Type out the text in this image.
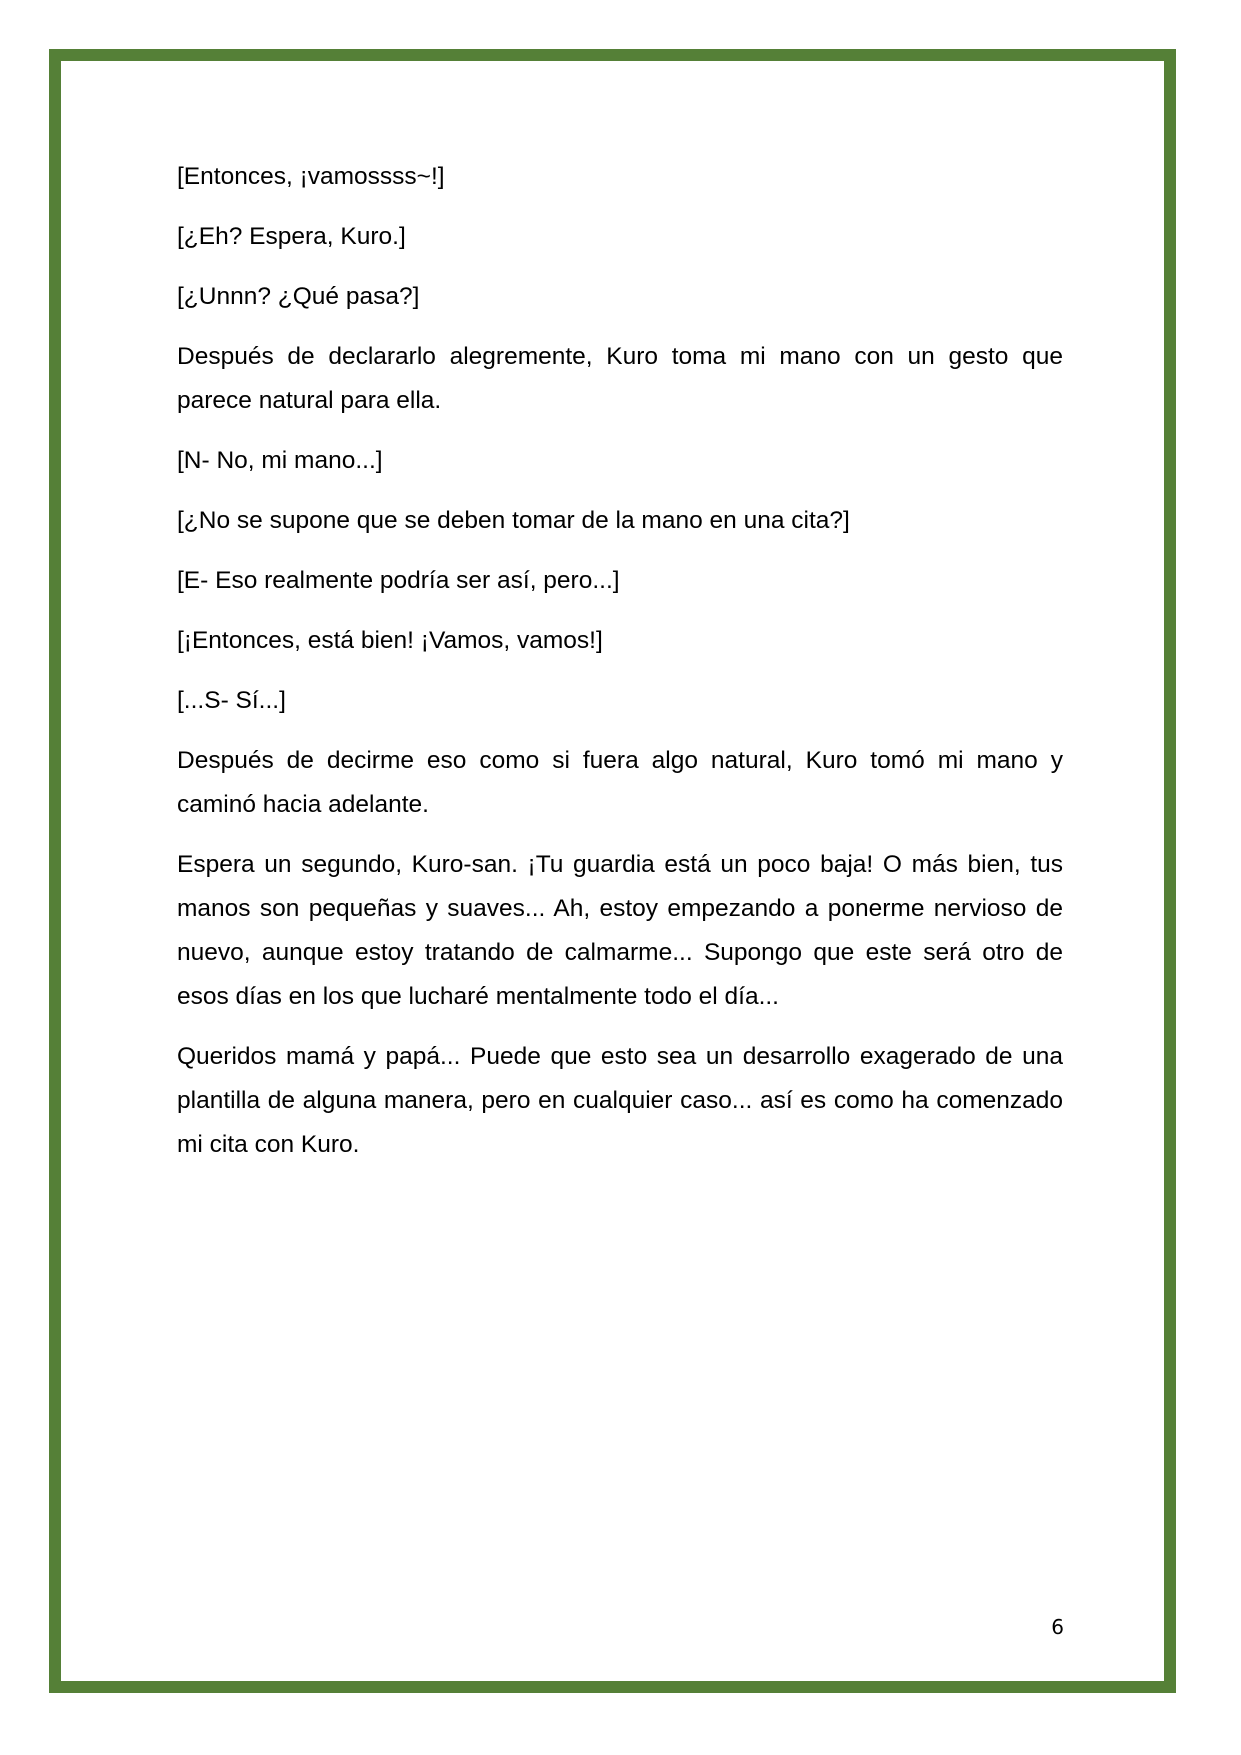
[Entonces, ¡vamossss~!]

[¿Eh? Espera, Kuro.]

[¿Unnn? ¿Qué pasa?]

Después de declararlo alegremente, Kuro toma mi mano con un gesto que parece natural para ella.

[N- No, mi mano...]

[¿No se supone que se deben tomar de la mano en una cita?]

[E- Eso realmente podría ser así, pero...]

[¡Entonces, está bien! ¡Vamos, vamos!]

[...S- Sí...]

Después de decirme eso como si fuera algo natural, Kuro tomó mi mano y caminó hacia adelante.

Espera un segundo, Kuro-san. ¡Tu guardia está un poco baja! O más bien, tus manos son pequeñas y suaves... Ah, estoy empezando a ponerme nervioso de nuevo, aunque estoy tratando de calmarme... Supongo que este será otro de esos días en los que lucharé mentalmente todo el día...

Queridos mamá y papá... Puede que esto sea un desarrollo exagerado de una plantilla de alguna manera, pero en cualquier caso... así es como ha comenzado mi cita con Kuro.

6
